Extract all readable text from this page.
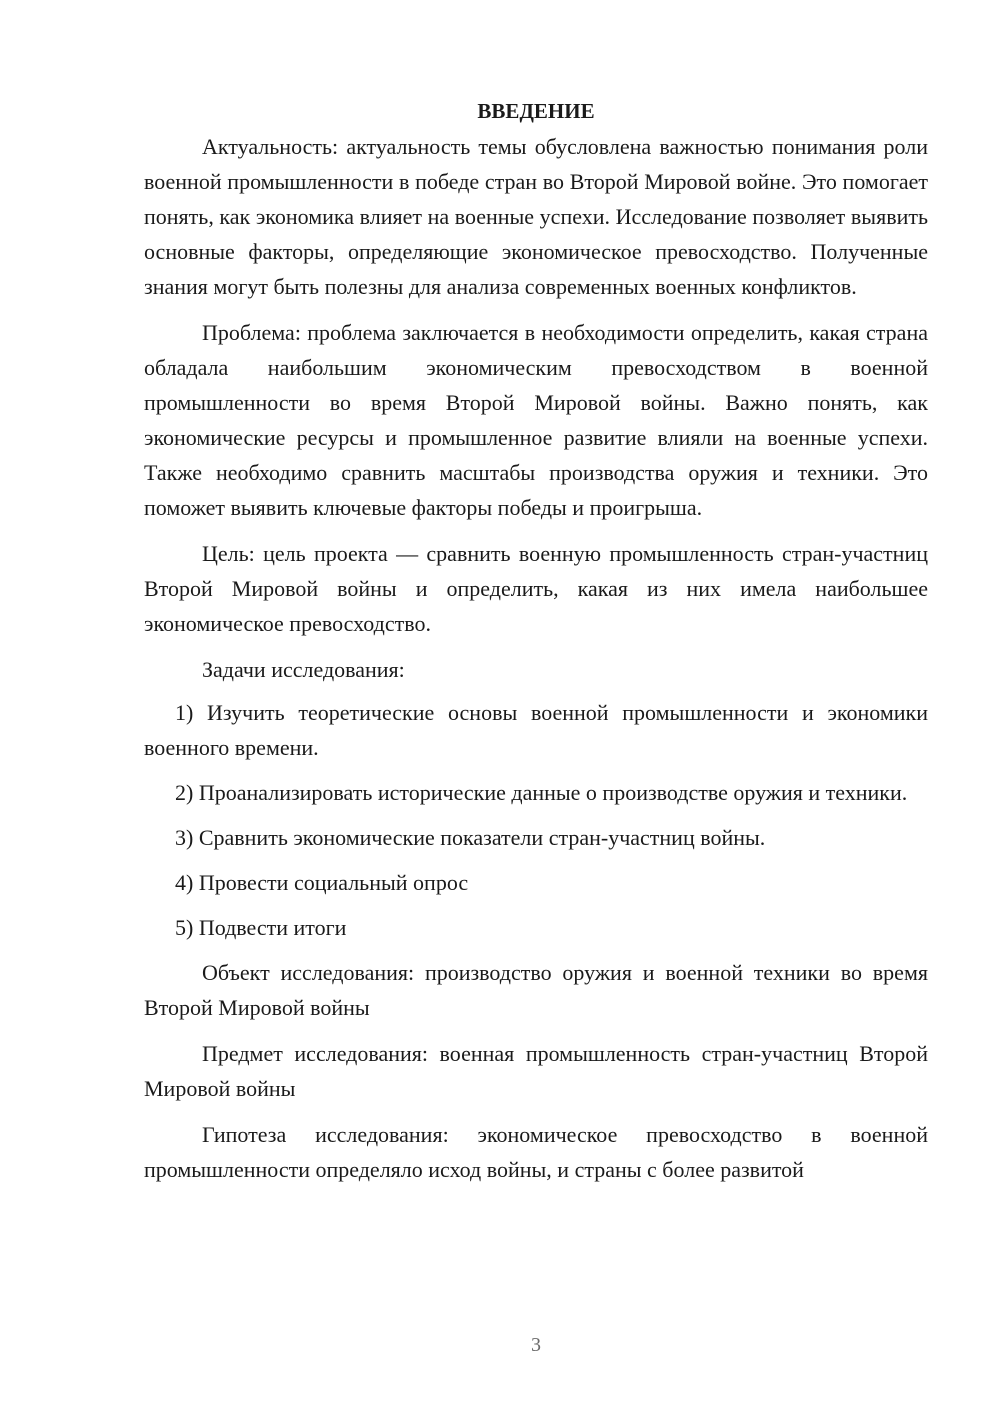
ВВЕДЕНИЕ
Актуальность: актуальность темы обусловлена важностью понимания роли военной промышленности в победе стран во Второй Мировой войне. Это помогает понять, как экономика влияет на военные успехи. Исследование позволяет выявить основные факторы, определяющие экономическое превосходство. Полученные знания могут быть полезны для анализа современных военных конфликтов.
Проблема: проблема заключается в необходимости определить, какая страна обладала наибольшим экономическим превосходством в военной промышленности во время Второй Мировой войны. Важно понять, как экономические ресурсы и промышленное развитие влияли на военные успехи. Также необходимо сравнить масштабы производства оружия и техники. Это поможет выявить ключевые факторы победы и проигрыша.
Цель: цель проекта — сравнить военную промышленность стран-участниц Второй Мировой войны и определить, какая из них имела наибольшее экономическое превосходство.
Задачи исследования:
1) Изучить теоретические основы военной промышленности и экономики военного времени.
2) Проанализировать исторические данные о производстве оружия и техники.
3) Сравнить экономические показатели стран-участниц войны.
4) Провести социальный опрос
5) Подвести итоги
Объект исследования: производство оружия и военной техники во время Второй Мировой войны
Предмет исследования: военная промышленность стран-участниц Второй Мировой войны
Гипотеза исследования: экономическое превосходство в военной промышленности определяло исход войны, и страны с более развитой
3
